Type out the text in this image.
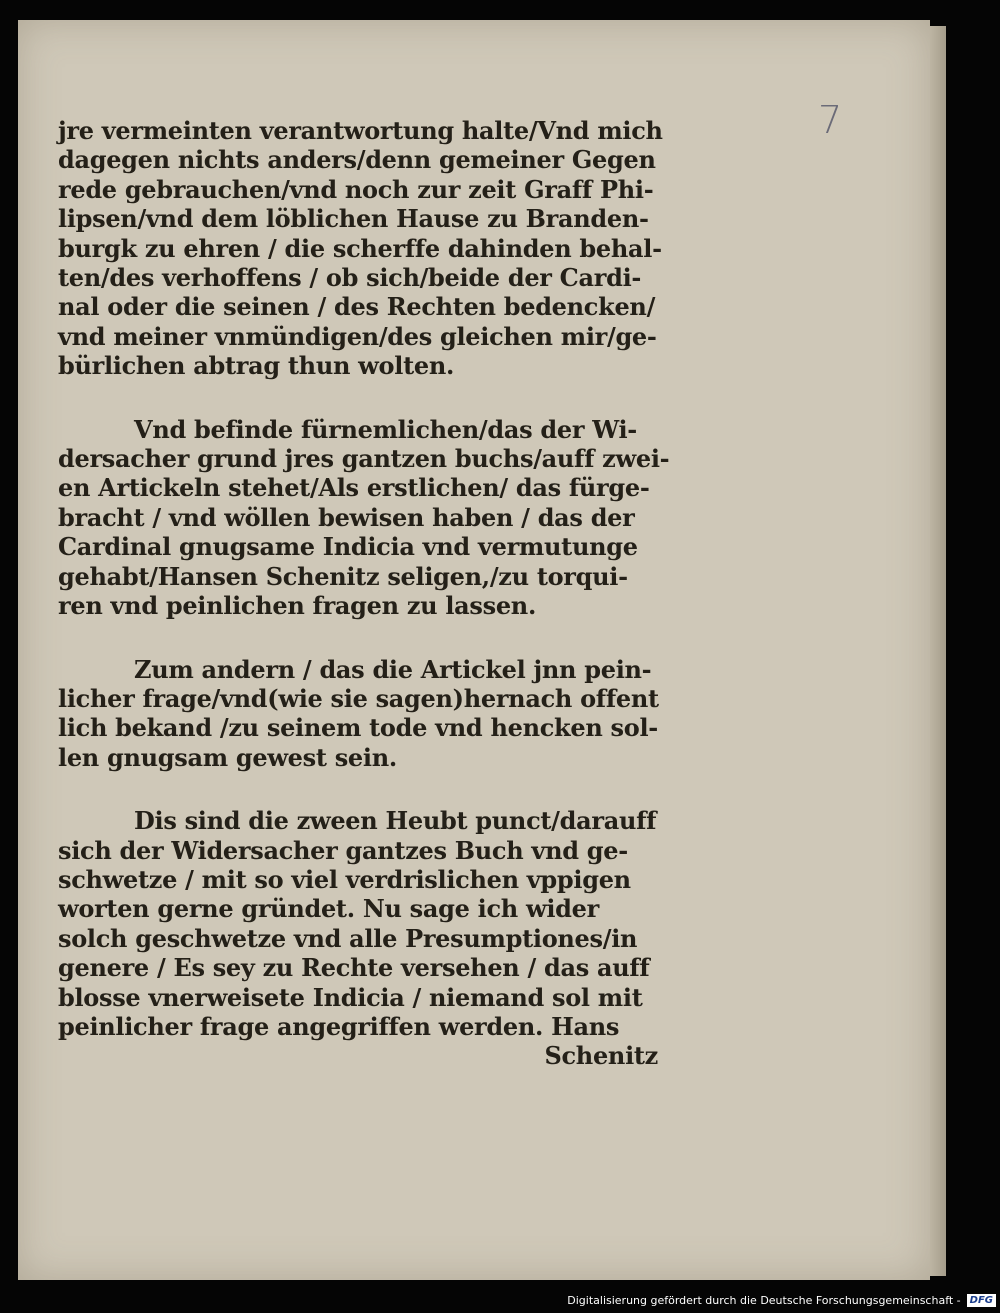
7
jre vermeinten verantwortung halte/Vnd mich
dagegen nichts anders/denn gemeiner Gegen
rede gebrauchen/vnd noch zur zeit Graff Phi-
lipsen/vnd dem löblichen Hause zu Branden-
burgk zu ehren / die scherffe dahinden behal-
ten/des verhoffens / ob sich/beide der Cardi-
nal oder die seinen / des Rechten bedencken/
vnd meiner vnmündigen/des gleichen mir/ge-
bürlichen abtrag thun wolten.
Vnd befinde fürnemlichen/das der Wi-
dersacher grund jres gantzen buchs/auff zwei-
en Artickeln stehet/Als erstlichen/ das fürge-
bracht / vnd wöllen bewisen haben / das der
Cardinal gnugsame Indicia vnd vermutunge
gehabt/Hansen Schenitz seligen,/zu torqui-
ren vnd peinlichen fragen zu lassen.
Zum andern / das die Artickel jnn pein-
licher frage/vnd(wie sie sagen)hernach offent
lich bekand /zu seinem tode vnd hencken sol-
len gnugsam gewest sein.
Dis sind die zween Heubt punct/darauff
sich der Widersacher gantzes Buch vnd ge-
schwetze / mit so viel verdrislichen vppigen
worten gerne gründet. Nu sage ich wider
solch geschwetze vnd alle Presumptiones/in
genere / Es sey zu Rechte versehen / das auff
blosse vnerweisete Indicia / niemand sol mit
peinlicher frage angegriffen werden. Hans
Schenitz
Digitalisierung gefördert durch die Deutsche Forschungsgemeinschaft - DFG
